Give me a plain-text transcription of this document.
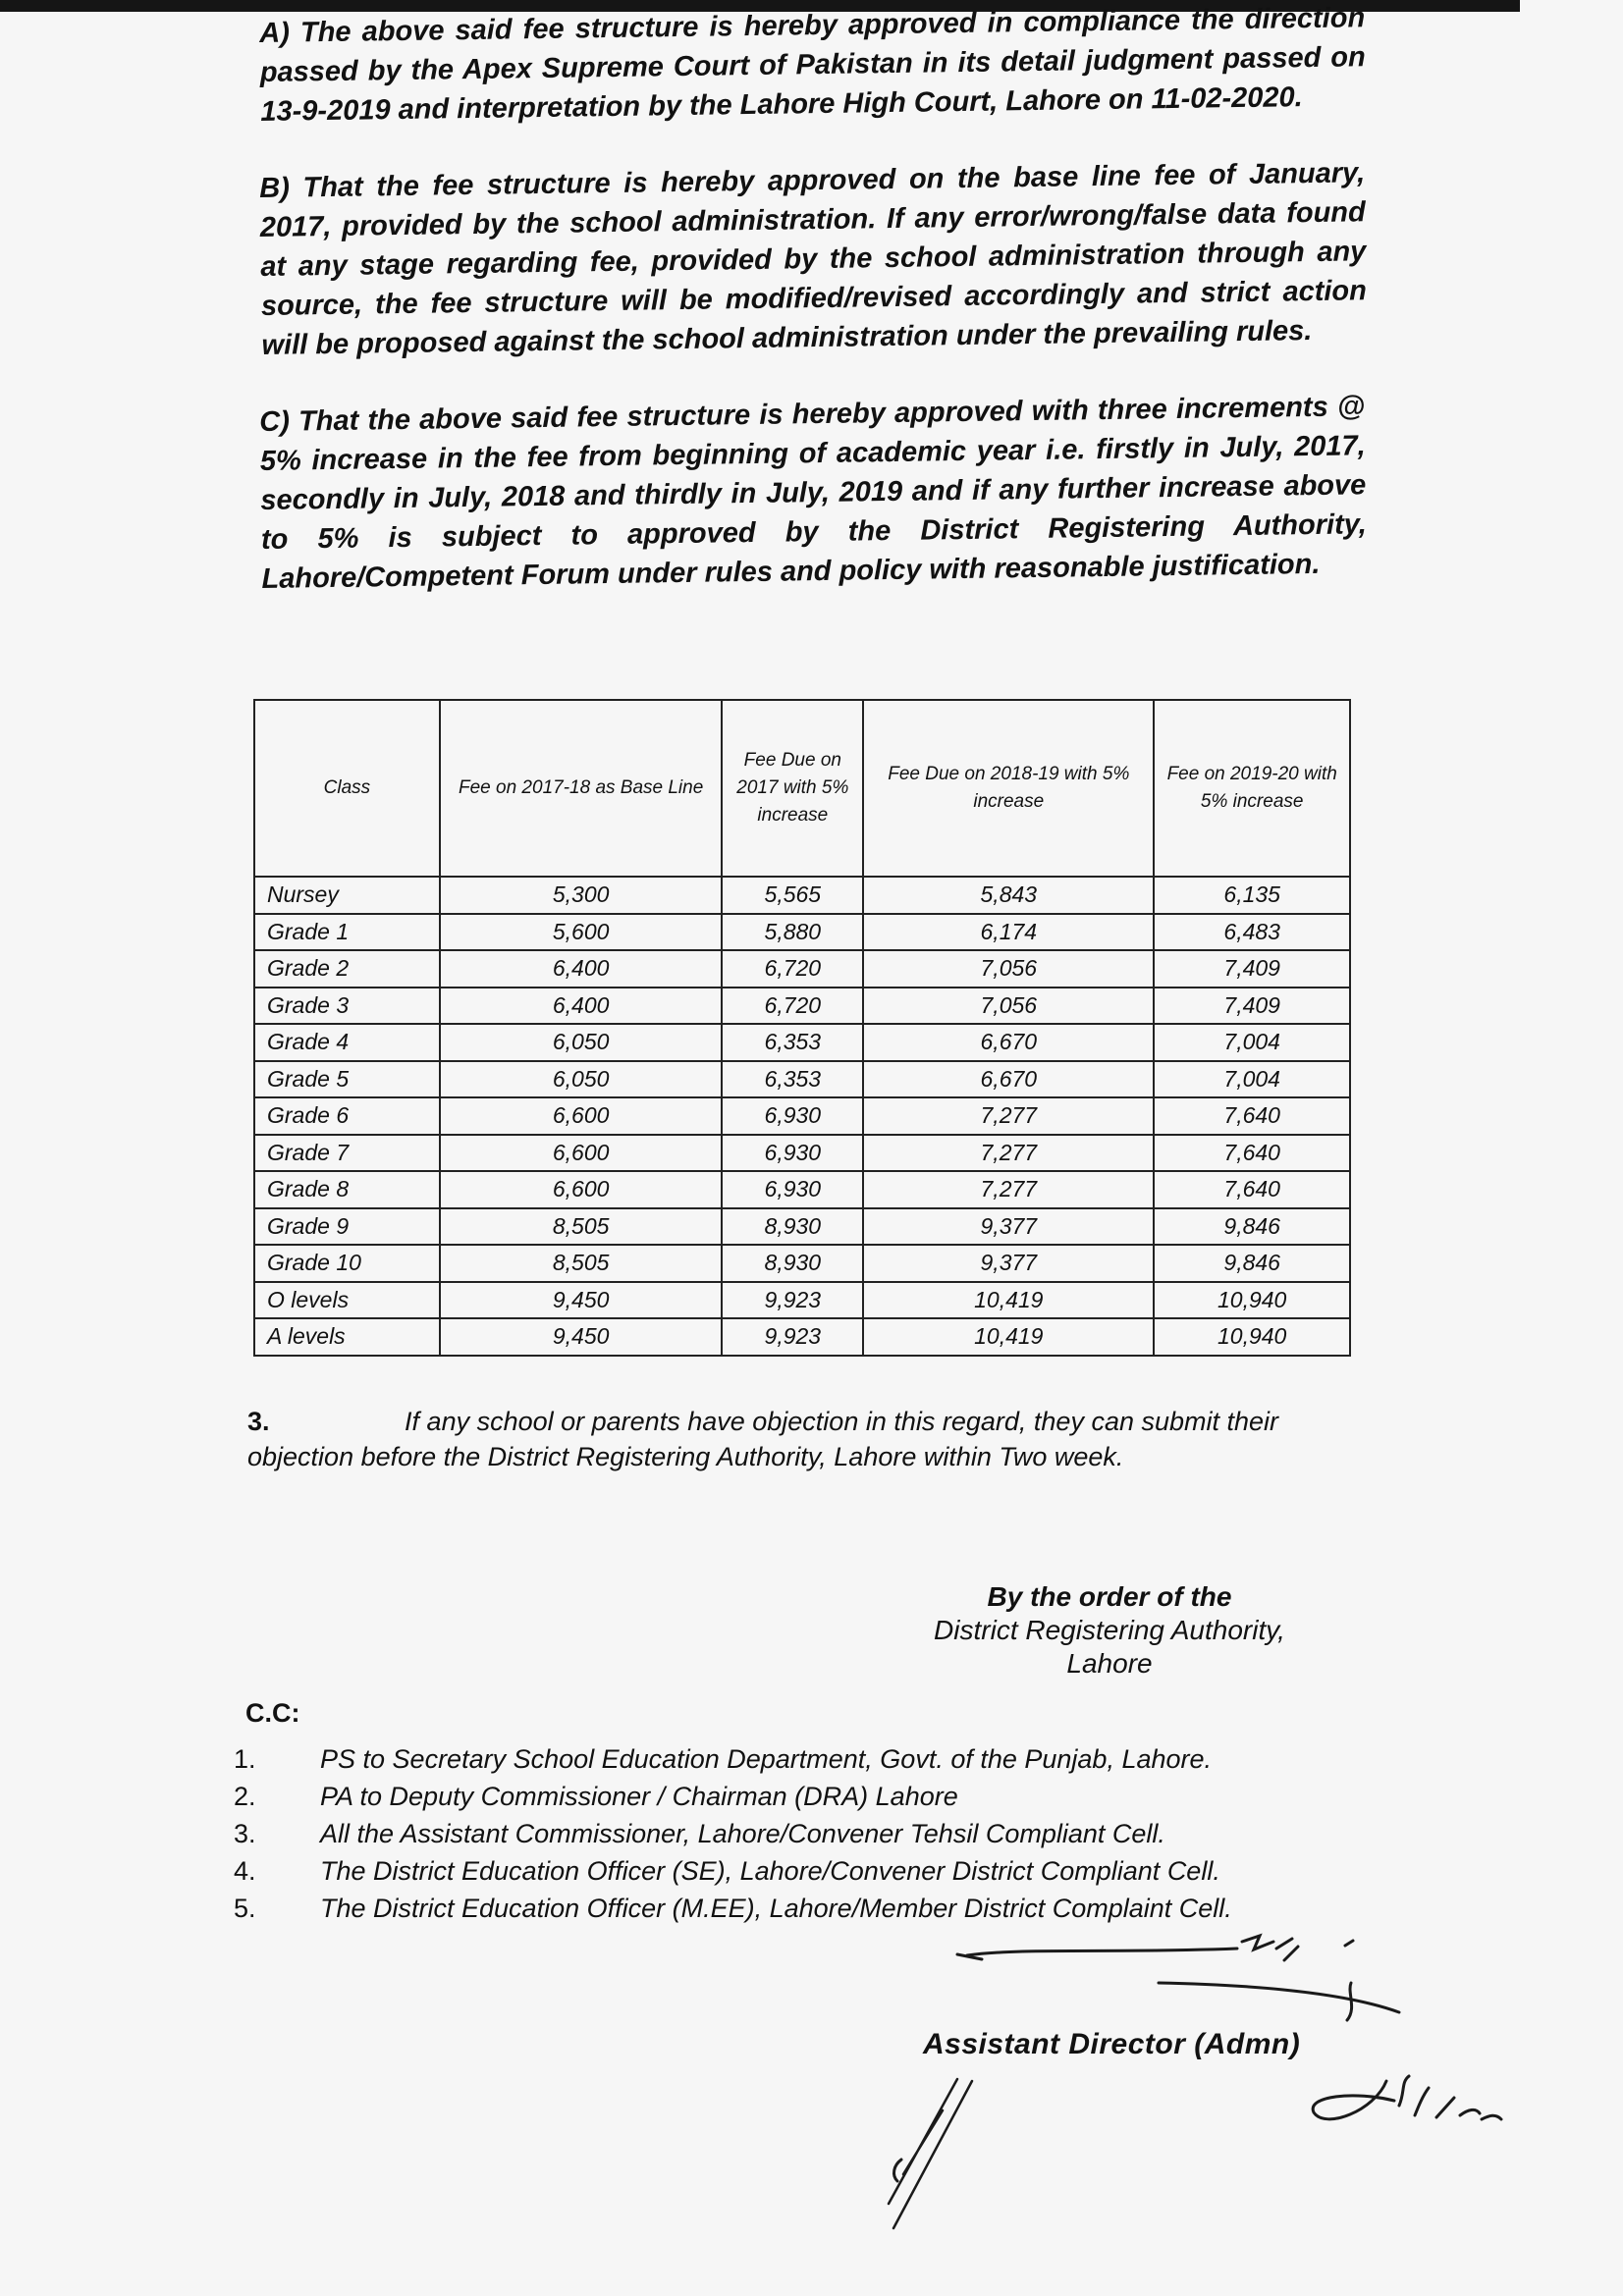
A) The above said fee structure is hereby approved in compliance the direction passed by the Apex Supreme Court of Pakistan in its detail judgment passed on 13-9-2019 and interpretation by the Lahore High Court, Lahore on 11-02-2020.

B) That the fee structure is hereby approved on the base line fee of January, 2017, provided by the school administration. If any error/wrong/false data found at any stage regarding fee, provided by the school administration through any source, the fee structure will be modified/revised accordingly and strict action will be proposed against the school administration under the prevailing rules.

C) That the above said fee structure is hereby approved with three increments @ 5% increase in the fee from beginning of academic year i.e. firstly in July, 2017, secondly in July, 2018 and thirdly in July, 2019 and if any further increase above to 5% is subject to approved by the District Registering Authority, Lahore/Competent Forum under rules and policy with reasonable justification.

Class	Fee on 2017-18 as Base Line	Fee Due on 2017 with 5% increase	Fee Due on 2018-19 with 5% increase	Fee on 2019-20 with 5% increase
Nursey	5,300	5,565	5,843	6,135
Grade 1	5,600	5,880	6,174	6,483
Grade 2	6,400	6,720	7,056	7,409
Grade 3	6,400	6,720	7,056	7,409
Grade 4	6,050	6,353	6,670	7,004
Grade 5	6,050	6,353	6,670	7,004
Grade 6	6,600	6,930	7,277	7,640
Grade 7	6,600	6,930	7,277	7,640
Grade 8	6,600	6,930	7,277	7,640
Grade 9	8,505	8,930	9,377	9,846
Grade 10	8,505	8,930	9,377	9,846
O levels	9,450	9,923	10,419	10,940
A levels	9,450	9,923	10,419	10,940

3.	If any school or parents have objection in this regard, they can submit their objection before the District Registering Authority, Lahore within Two week.

By the order of the
District Registering Authority,
Lahore
C.C:
1. PS to Secretary School Education Department, Govt. of the Punjab, Lahore.
2. PA to Deputy Commissioner / Chairman (DRA) Lahore
3. All the Assistant Commissioner, Lahore/Convener Tehsil Compliant Cell.
4. The District Education Officer (SE), Lahore/Convener District Compliant Cell.
5. The District Education Officer (M.EE), Lahore/Member District Complaint Cell.
Assistant Director (Admn)
